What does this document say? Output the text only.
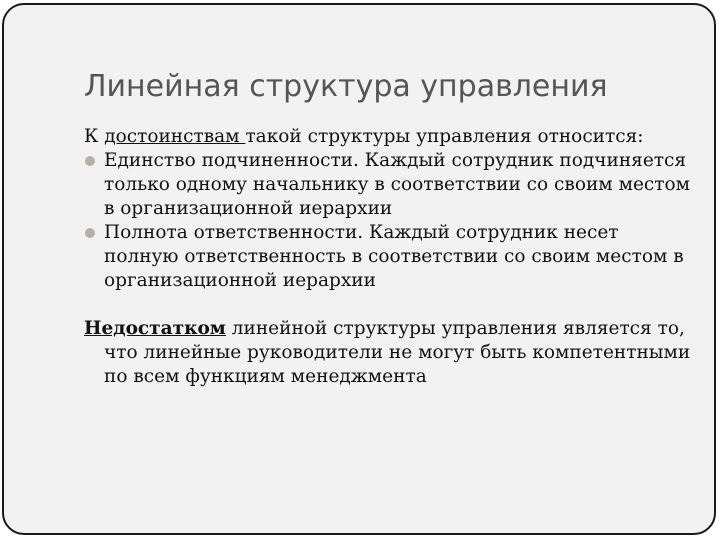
Линейная структура управления

К достоинствам такой структуры управления относится:

Единство подчиненности. Каждый сотрудник подчиняется только одному начальнику в соответствии со своим местом в организационной иерархии
Полнота ответственности. Каждый сотрудник несет полную ответственность в соответствии со своим местом в организационной иерархии

Недостатком линейной структуры управления является то, что линейные руководители не могут быть компетентными по всем функциям менеджмента
